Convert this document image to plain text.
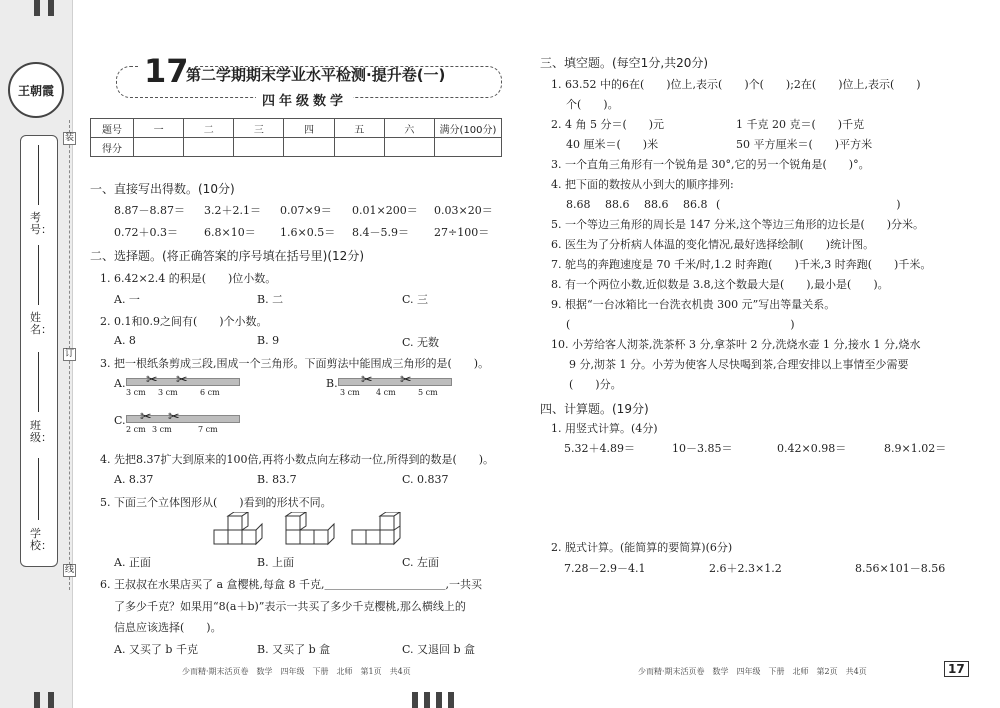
王朝霞
考号：
姓名：
班级：
学校：
装
订
线
17
第二学期期末学业水平检测·提升卷(一)
四年级数学
题号	一	二	三	四	五	六	满分(100分)
得分							
一、直接写出得数。(10分)
8.87－8.87＝ 3.2＋2.1＝ 0.07×9＝ 0.01×200＝ 0.03×20＝
0.72＋0.3＝ 6.8×10＝ 1.6×0.5＝ 8.4－5.9＝ 27÷100＝
二、选择题。(将正确答案的序号填在括号里)(12分)
1. 6.42×2.4 的积是(　　)位小数。
A. 一	B. 二	C. 三
2. 0.1和0.9之间有(　　)个小数。
A. 8	B. 9	C. 无数
3. 把一根纸条剪成三段,围成一个三角形。下面剪法中能围成三角形的是(　　)。
A.
3 cm 3 cm	6 cm
✂ ✂	B.
3 cm 4 cm	5 cm
✂ ✂
C.
2 cm 3 cm	7 cm
✂ ✂
4. 先把8.37扩大到原来的100倍,再将小数点向左移动一位,所得到的数是(　　)。
A. 8.37	B. 83.7	C. 0.837
5. 下面三个立体图形从(　　)看到的形状不同。
A. 正面	B. 上面	C. 左面
6. 王叔叔在水果店买了 a 盒樱桃,每盒 8 千克,＿＿＿＿＿＿＿＿＿＿＿,一共买
了多少千克？如果用“8(a＋b)”表示一共买了多少千克樱桃,那么横线上的
信息应该选择(　　)。
A. 又买了 b 千克	B. 又买了 b 盒	C. 又退回 b 盒
少而精·期末活页卷　数学　四年级　下册　北师　第1页　共4页
三、填空题。(每空1分,共20分)
1. 63.52 中的6在(　　)位上,表示(　　)个(　　);2在(　　)位上,表示(　　)
个(　　)。
2. 4 角 5 分＝(　　)元	1 千克 20 克＝(　　)千克
40 厘米＝(　　)米	50 平方厘米＝(　　)平方米
3. 一个直角三角形有一个锐角是 30°,它的另一个锐角是(　　)°。
4. 把下面的数按从小到大的顺序排列:
8.68　 88.6　 88.6　 86.8 (　　　　　　　　　　　　　　　　)
5. 一个等边三角形的周长是 147 分米,这个等边三角形的边长是(　　)分米。
6. 医生为了分析病人体温的变化情况,最好选择绘制(　　)统计图。
7. 鸵鸟的奔跑速度是 70 千米/时,1.2 时奔跑(　　)千米,3 时奔跑(　　)千米。
8. 有一个两位小数,近似数是 3.8,这个数最大是(　　),最小是(　　)。
9. 根据“一台冰箱比一台洗衣机贵 300 元”写出等量关系。
(　　　　　　　　　　　　　　　　　　　　)
10. 小芳给客人沏茶,洗茶杯 3 分,拿茶叶 2 分,洗烧水壶 1 分,接水 1 分,烧水
9 分,沏茶 1 分。小芳为使客人尽快喝到茶,合理安排以上事情至少需要
(　　)分。
四、计算题。(19分)
1. 用竖式计算。(4分)
5.32＋4.89＝	10－3.85＝	0.42×0.98＝	8.9×1.02＝
2. 脱式计算。(能简算的要简算)(6分)
7.28－2.9－4.1	2.6＋2.3×1.2	8.56×101－8.56
少而精·期末活页卷　数学　四年级　下册　北师　第2页　共4页	17
